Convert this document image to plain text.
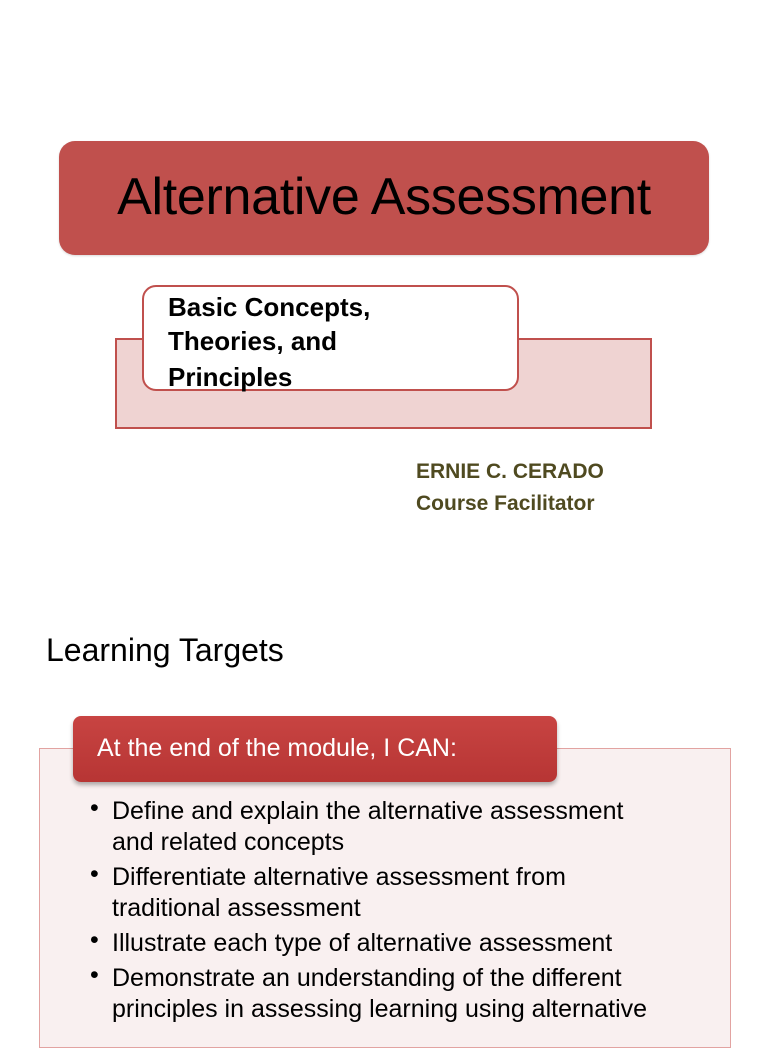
Alternative Assessment
Basic Concepts,
Theories, and
Principles
ERNIE C. CERADO
Course Facilitator
Learning Targets
At the end of the module, I CAN:
• Define and explain the alternative assessment
and related concepts
• Differentiate alternative assessment from
traditional assessment
• Illustrate each type of alternative assessment
• Demonstrate an understanding of the different
principles in assessing learning using alternative
